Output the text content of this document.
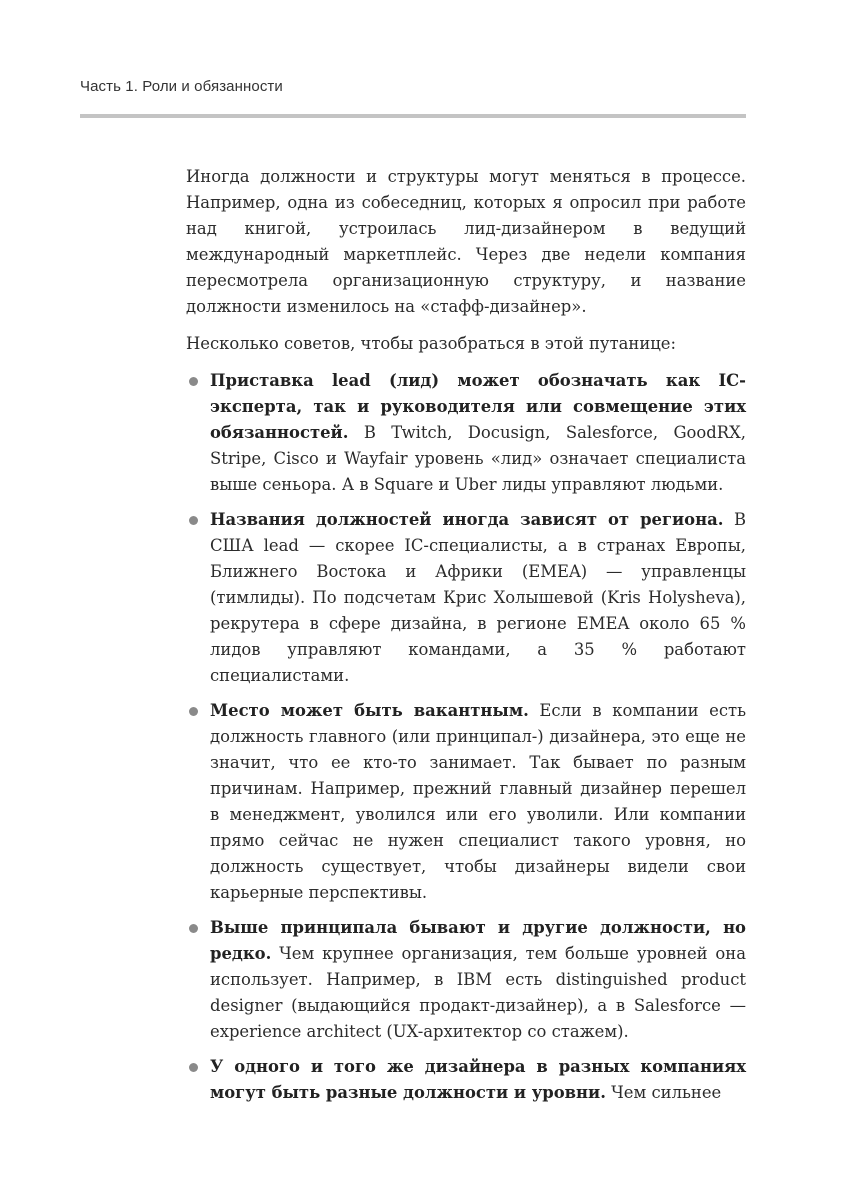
Часть 1. Роли и обязанности

Иногда должности и структуры могут меняться в процессе. Например, одна из собеседниц, которых я опросил при работе над книгой, устроилась лид-дизайнером в ведущий международный маркетплейс. Через две недели компания пересмотрела организационную структуру, и название должности изменилось на «стафф-дизайнер».

Несколько советов, чтобы разобраться в этой путанице:

Приставка lead (лид) может обозначать как IC-эксперта, так и руководителя или совмещение этих обязанностей. В Twitch, Docusign, Salesforce, GoodRX, Stripe, Cisco и Wayfair уровень «лид» означает специалиста выше сеньора. А в Square и Uber лиды управляют людьми.
Названия должностей иногда зависят от региона. В США lead — скорее IC-специалисты, а в странах Европы, Ближнего Востока и Африки (EMEA) — управленцы (тимлиды). По подсчетам Крис Холышевой (Kris Holysheva), рекрутера в сфере дизайна, в регионе EMEA около 65 % лидов управляют командами, а 35 % работают специалистами.
Место может быть вакантным. Если в компании есть должность главного (или принципал-) дизайнера, это еще не значит, что ее кто-то занимает. Так бывает по разным причинам. Например, прежний главный дизайнер перешел в менеджмент, уволился или его уволили. Или компании прямо сейчас не нужен специалист такого уровня, но должность существует, чтобы дизайнеры видели свои карьерные перспективы.
Выше принципала бывают и другие должности, но редко. Чем крупнее организация, тем больше уровней она использует. Например, в IBM есть distinguished product designer (выдающийся продакт-дизайнер), а в Salesforce — experience architect (UX-архитектор со стажем).
У одного и того же дизайнера в разных компаниях могут быть разные должности и уровни. Чем сильнее
